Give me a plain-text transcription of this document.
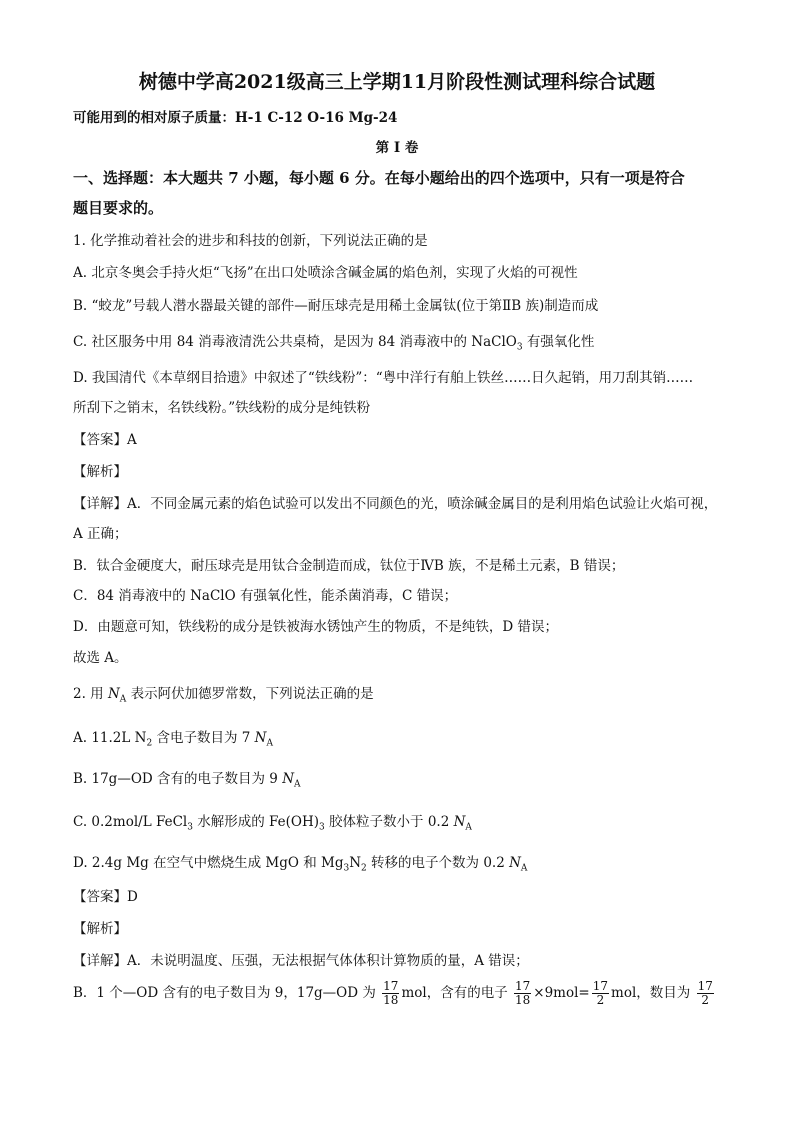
树德中学高2021级高三上学期11月阶段性测试理科综合试题
可能用到的相对原子质量：H-1 C-12 O-16 Mg-24
第 I 卷
一、选择题：本大题共 7 小题，每小题 6 分。在每小题给出的四个选项中，只有一项是符合
题目要求的。
1. 化学推动着社会的进步和科技的创新，下列说法正确的是
A. 北京冬奥会手持火炬“飞扬”在出口处喷涂含碱金属的焰色剂，实现了火焰的可视性
B. “蛟龙”号载人潜水器最关键的部件—耐压球壳是用稀土金属钛(位于第ⅡB 族)制造而成
C. 社区服务中用 84 消毒液清洗公共桌椅，是因为 84 消毒液中的 NaClO$_3$ 有强氧化性
D. 我国清代《本草纲目拾遗》中叙述了“铁线粉”：“粤中洋行有舶上铁丝……日久起销，用刀刮其销……
所刮下之销末，名铁线粉。”铁线粉的成分是纯铁粉
【答案】A
【解析】
【详解】A．不同金属元素的焰色试验可以发出不同颜色的光，喷涂碱金属目的是利用焰色试验让火焰可视，
A 正确；
B．钛合金硬度大，耐压球壳是用钛合金制造而成，钛位于ⅣB 族，不是稀土元素，B 错误；
C．84 消毒液中的 NaClO 有强氧化性，能杀菌消毒，C 错误；
D．由题意可知，铁线粉的成分是铁被海水锈蚀产生的物质，不是纯铁，D 错误；
故选 A。
2. 用 $N_A$ 表示阿伏加德罗常数，下列说法正确的是
A. 11.2L $N_2$ 含电子数目为 7 $N_A$
B. 17g—OD 含有的电子数目为 9 $N_A$
C. 0.2mol/L FeCl$_3$ 水解形成的 $Fe(OH)_3$ 胶体粒子数小于 0.2 $N_A$
D. 2.4g Mg 在空气中燃烧生成 MgO 和 $Mg_3N_2$ 转移的电子个数为 0.2 $N_A$
【答案】D
【解析】
【详解】A．未说明温度、压强，无法根据气体体积计算物质的量，A 错误；
B．1 个—OD 含有的电子数目为 9，17g—OD 为 $\frac{17}{18}$ mol，含有的电子 $\frac{17}{18} \times 9mol= \frac{17}{2}$ mol，数目为 $\frac{17}{2}$
